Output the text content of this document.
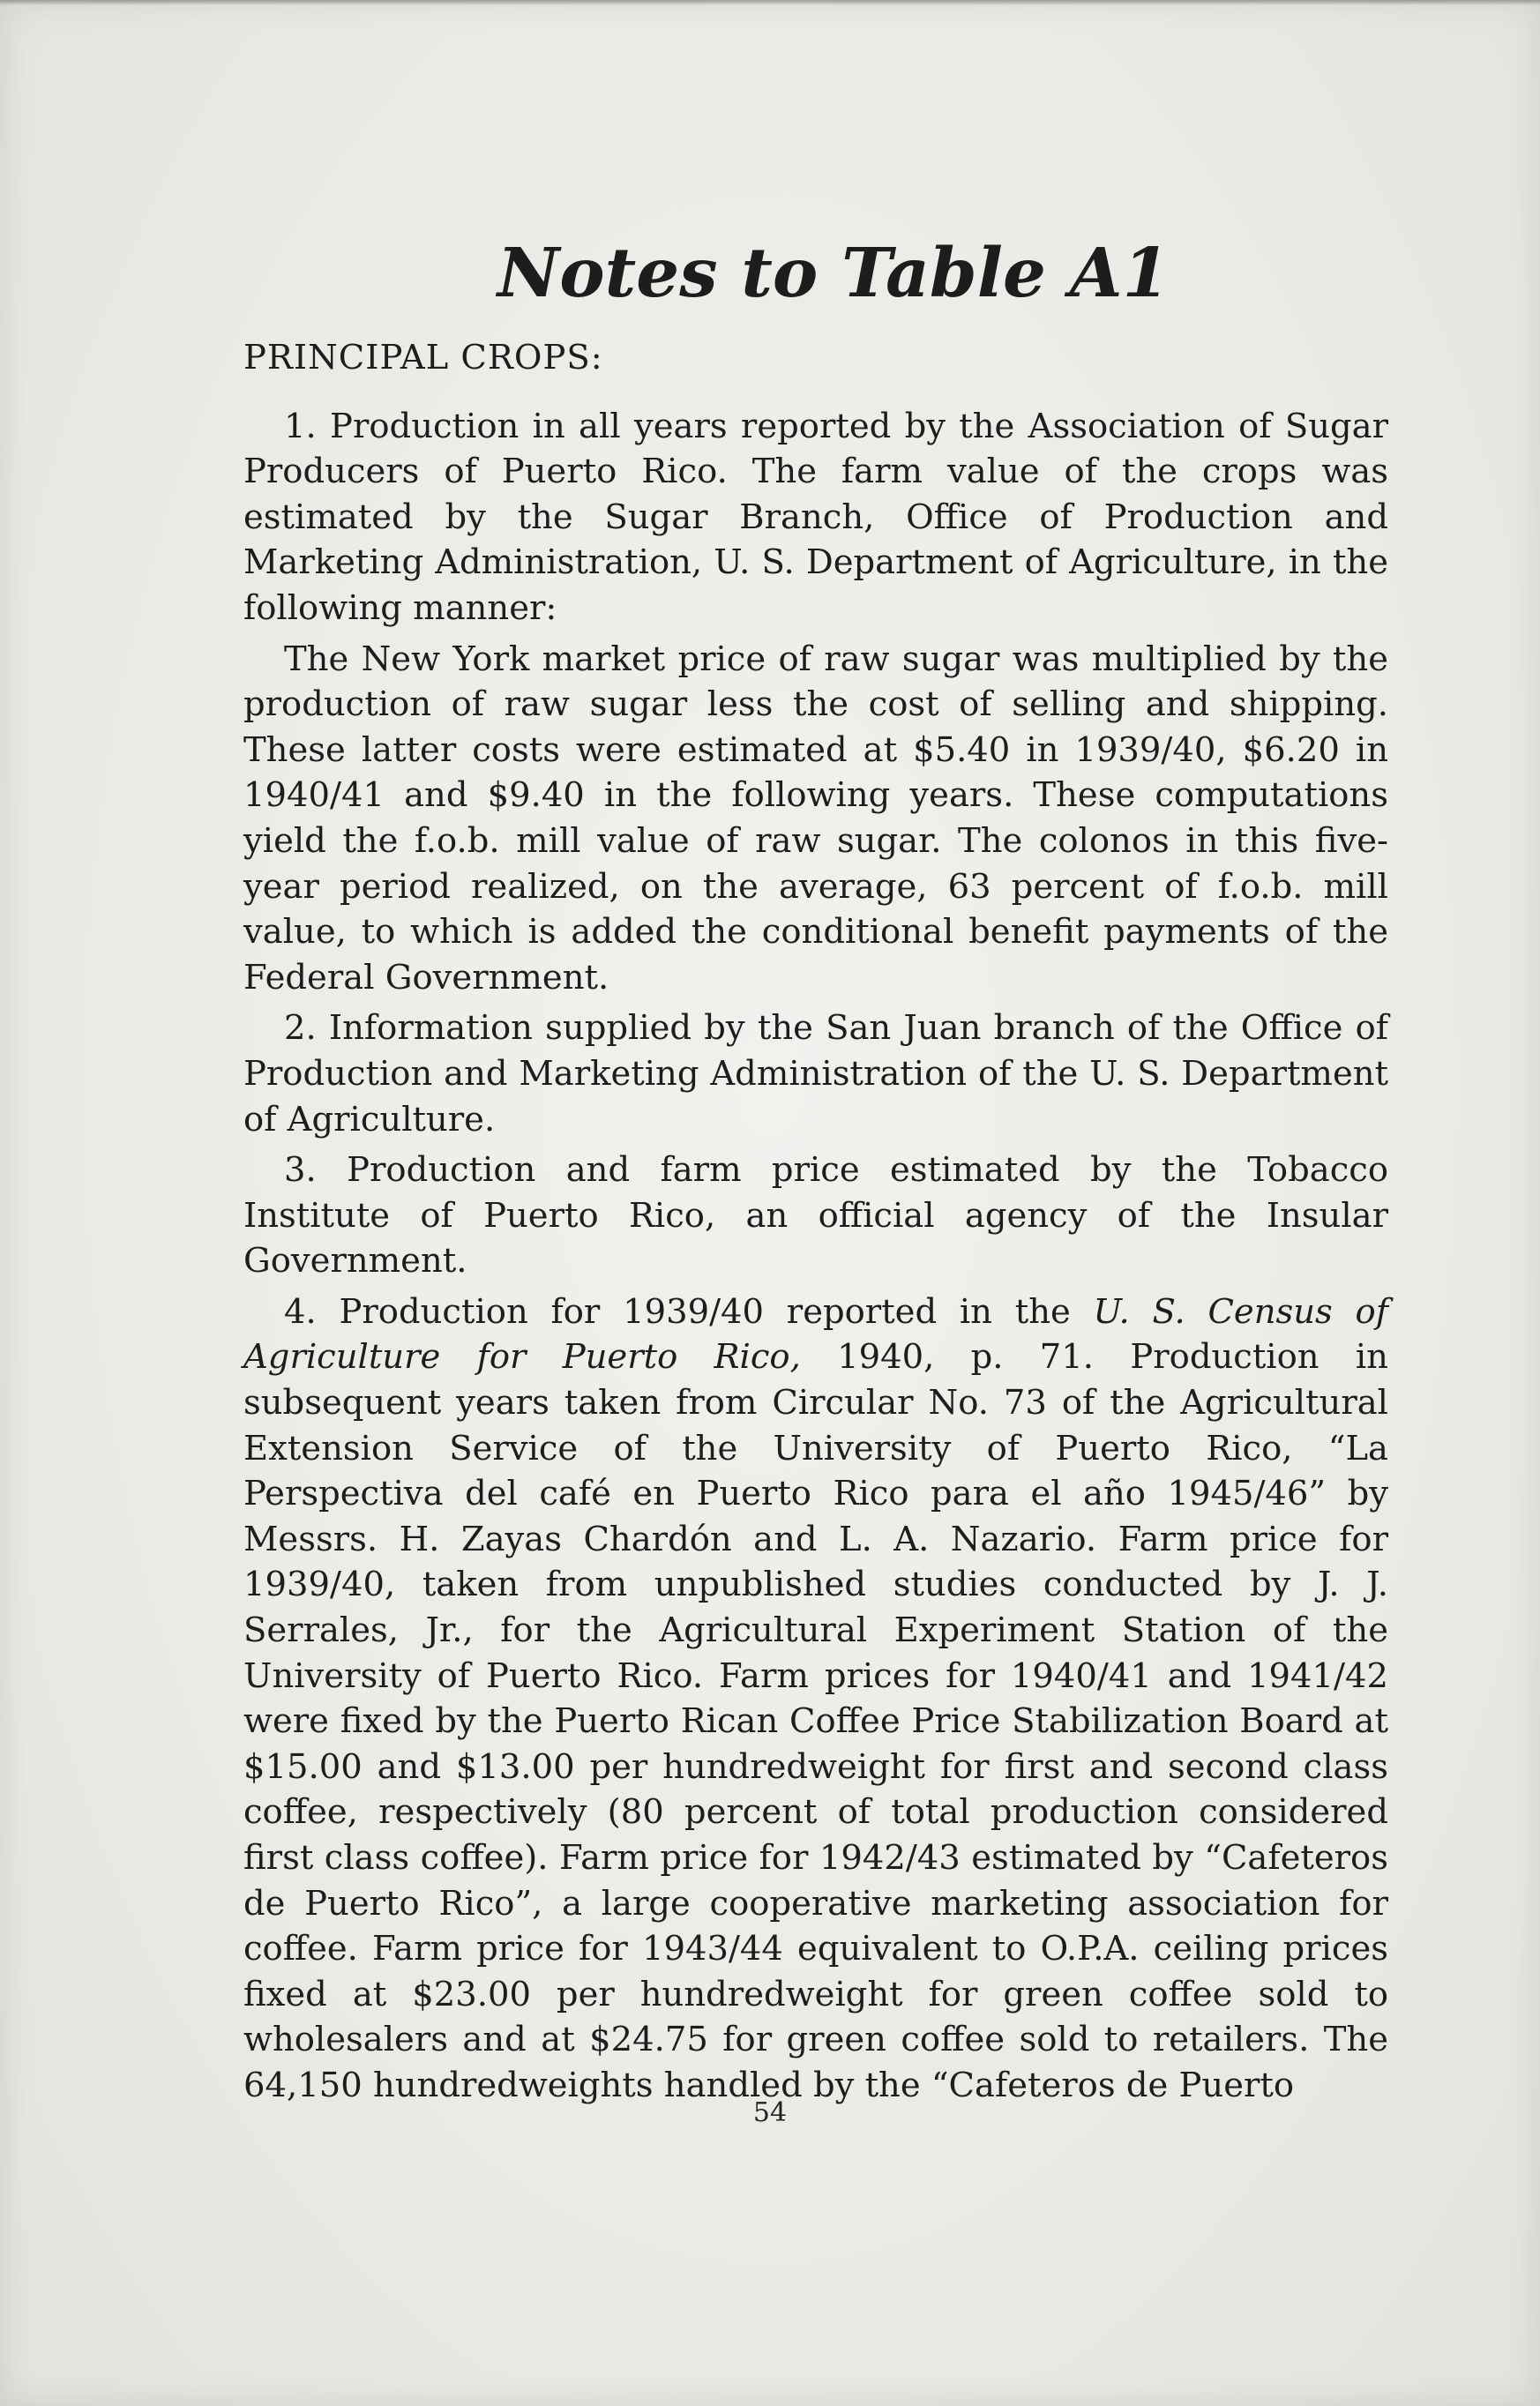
Notes to Table A1
PRINCIPAL CROPS:

1. Production in all years reported by the Association of Sugar Producers of Puerto Rico. The farm value of the crops was estimated by the Sugar Branch, Office of Production and Marketing Administration, U. S. Department of Agriculture, in the following manner:

The New York market price of raw sugar was multiplied by the production of raw sugar less the cost of selling and shipping. These latter costs were estimated at $5.40 in 1939/40, $6.20 in 1940/41 and $9.40 in the following years. These computations yield the f.o.b. mill value of raw sugar. The colonos in this five-year period realized, on the average, 63 percent of f.o.b. mill value, to which is added the conditional benefit payments of the Federal Government.

2. Information supplied by the San Juan branch of the Office of Production and Marketing Administration of the U. S. Department of Agriculture.

3. Production and farm price estimated by the Tobacco Institute of Puerto Rico, an official agency of the Insular Government.

4. Production for 1939/40 reported in the U. S. Census of Agriculture for Puerto Rico, 1940, p. 71. Production in subsequent years taken from Circular No. 73 of the Agricultural Extension Service of the University of Puerto Rico, “La Perspectiva del café en Puerto Rico para el año 1945/46” by Messrs. H. Zayas Chardón and L. A. Nazario. Farm price for 1939/40, taken from unpublished studies conducted by J. J. Serrales, Jr., for the Agricultural Experiment Station of the University of Puerto Rico. Farm prices for 1940/41 and 1941/42 were fixed by the Puerto Rican Coffee Price Stabilization Board at $15.00 and $13.00 per hundredweight for first and second class coffee, respectively (80 percent of total production considered first class coffee). Farm price for 1942/43 estimated by “Cafeteros de Puerto Rico”, a large cooperative marketing association for coffee. Farm price for 1943/44 equivalent to O.P.A. ceiling prices fixed at $23.00 per hundredweight for green coffee sold to wholesalers and at $24.75 for green coffee sold to retailers. The 64,150 hundredweights handled by the “Cafeteros de Puerto

54
